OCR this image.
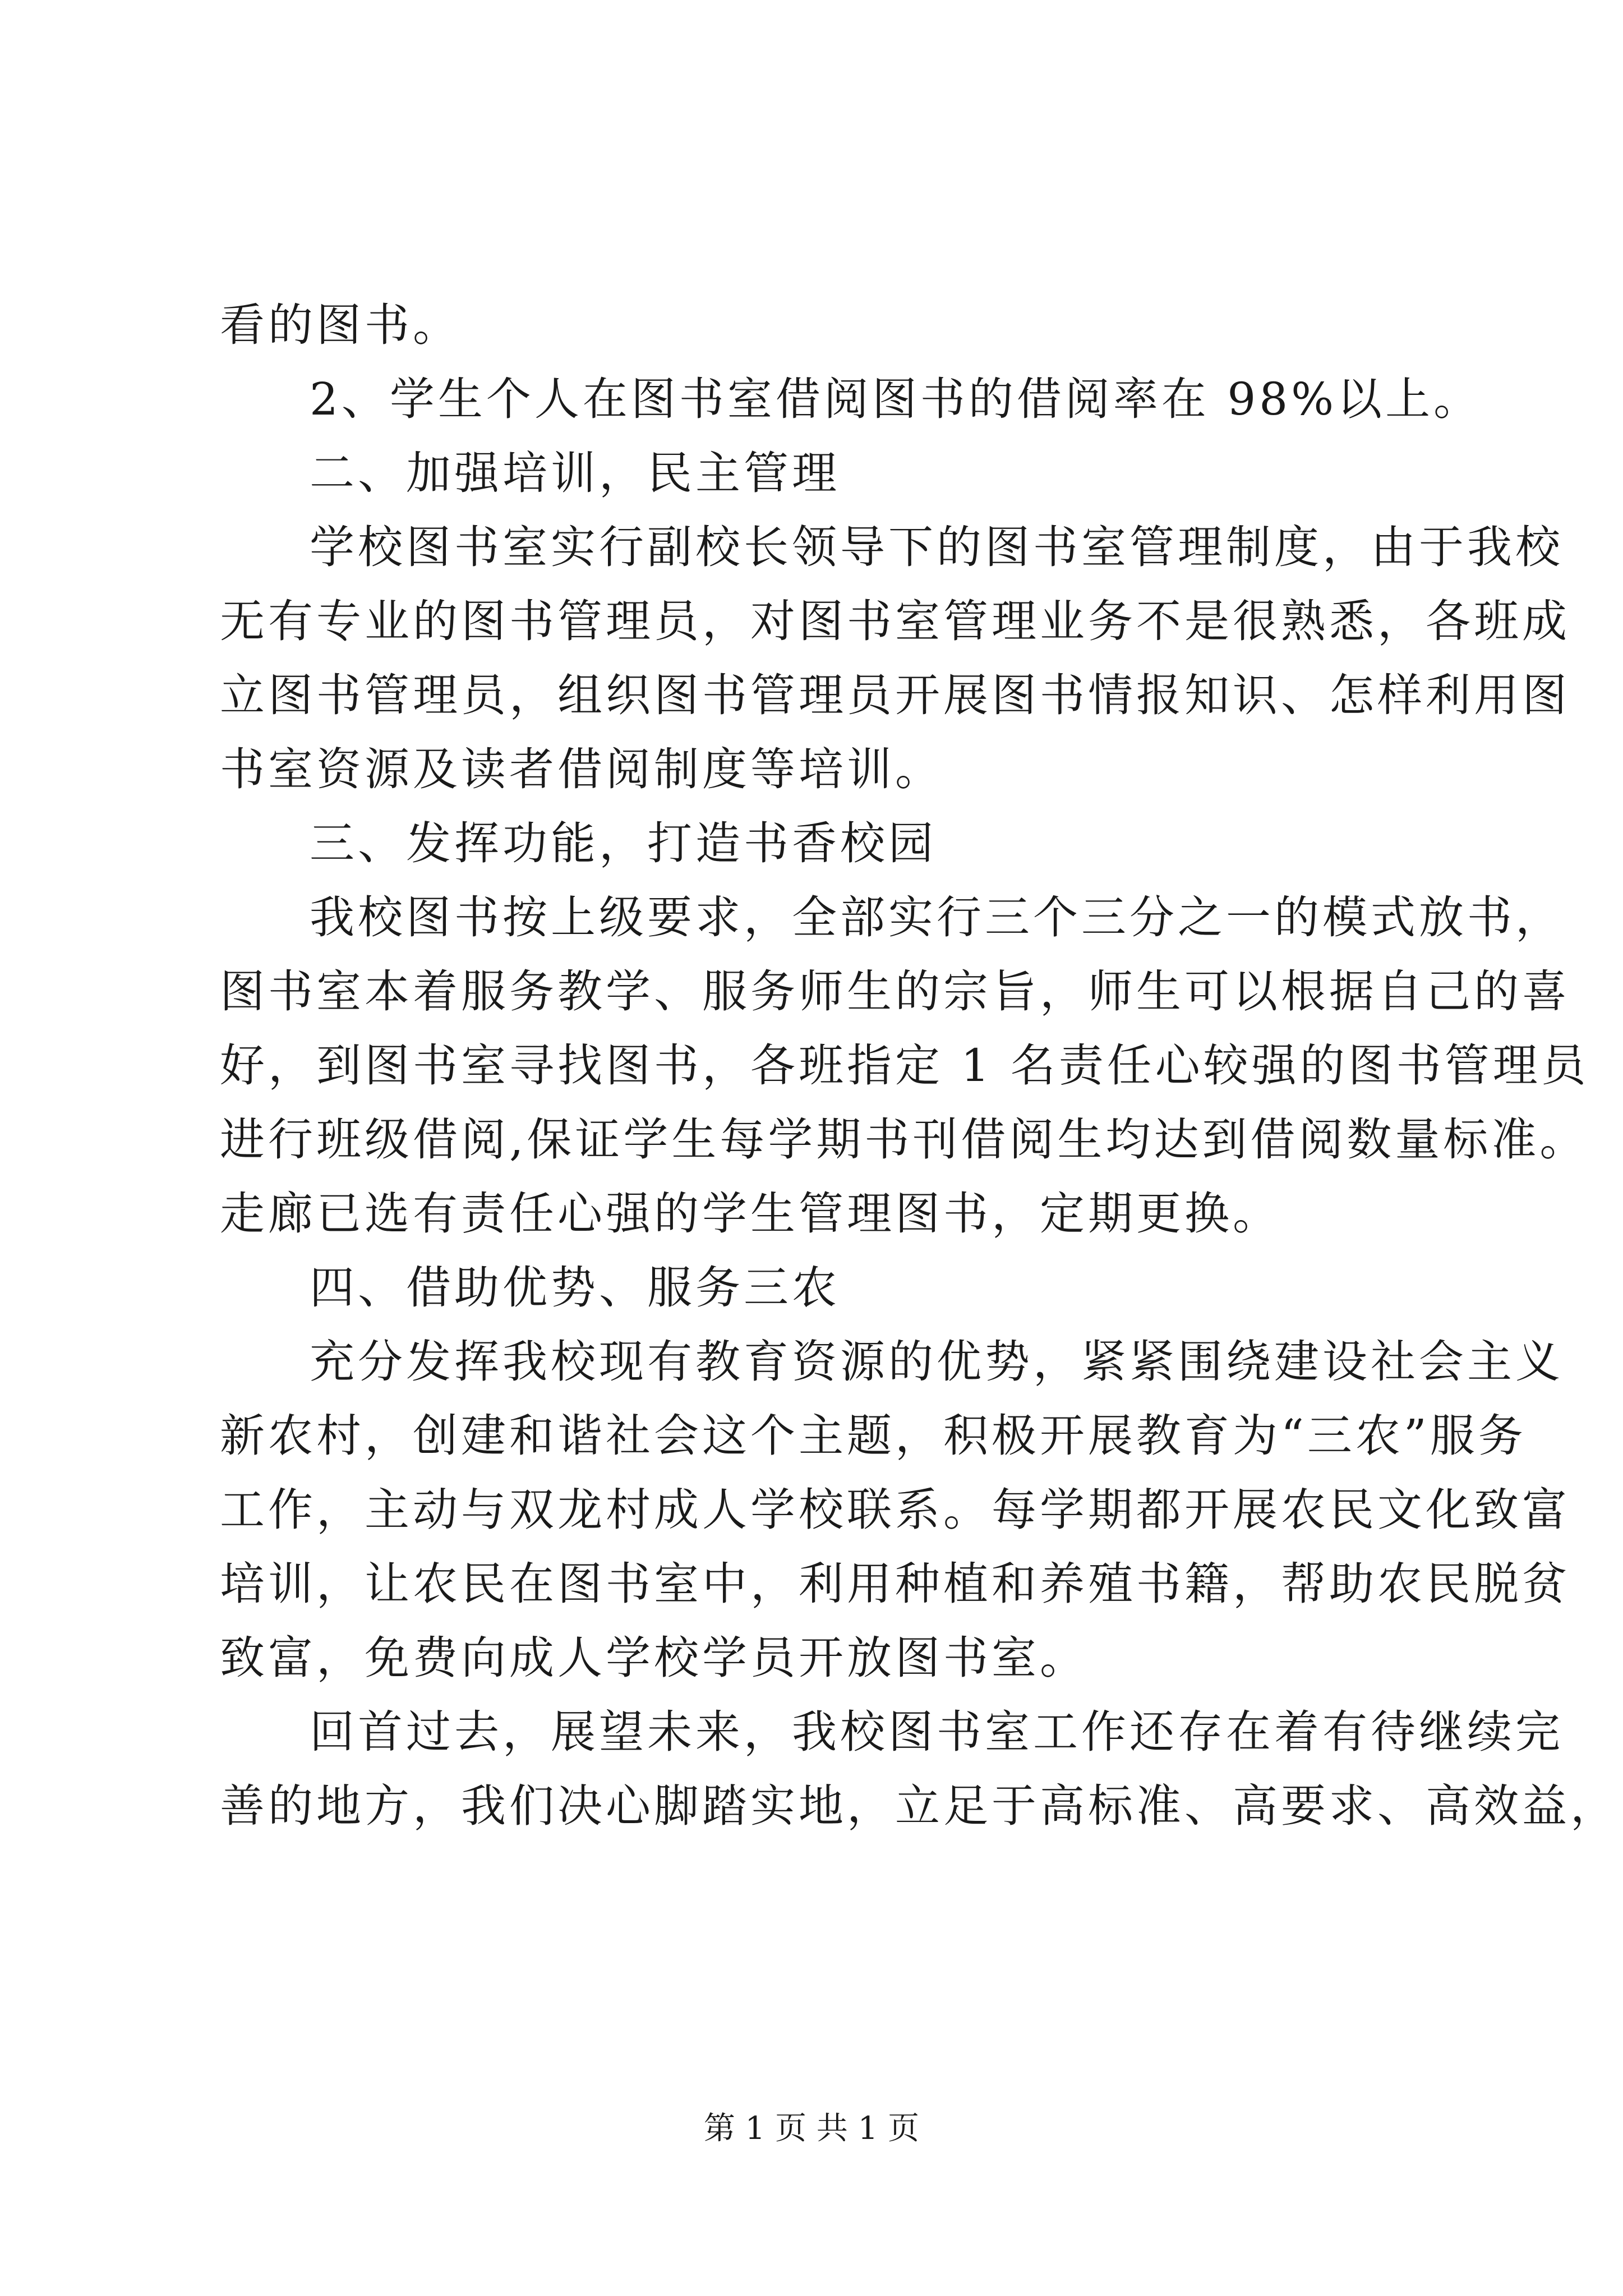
看的图书。
2、学生个人在图书室借阅图书的借阅率在 98%以上。
二、加强培训，民主管理
学校图书室实行副校长领导下的图书室管理制度，由于我校
无有专业的图书管理员，对图书室管理业务不是很熟悉，各班成
立图书管理员，组织图书管理员开展图书情报知识、怎样利用图
书室资源及读者借阅制度等培训。
三、发挥功能，打造书香校园
我校图书按上级要求，全部实行三个三分之一的模式放书，
图书室本着服务教学、服务师生的宗旨，师生可以根据自己的喜
好，到图书室寻找图书，各班指定 1 名责任心较强的图书管理员
进行班级借阅,保证学生每学期书刊借阅生均达到借阅数量标准。
走廊已选有责任心强的学生管理图书，定期更换。
四、借助优势、服务三农
充分发挥我校现有教育资源的优势，紧紧围绕建设社会主义
新农村，创建和谐社会这个主题，积极开展教育为“三农”服务
工作，主动与双龙村成人学校联系。每学期都开展农民文化致富
培训，让农民在图书室中，利用种植和养殖书籍，帮助农民脱贫
致富，免费向成人学校学员开放图书室。
回首过去，展望未来，我校图书室工作还存在着有待继续完
善的地方，我们决心脚踏实地，立足于高标准、高要求、高效益，
第 1 页 共 1 页
